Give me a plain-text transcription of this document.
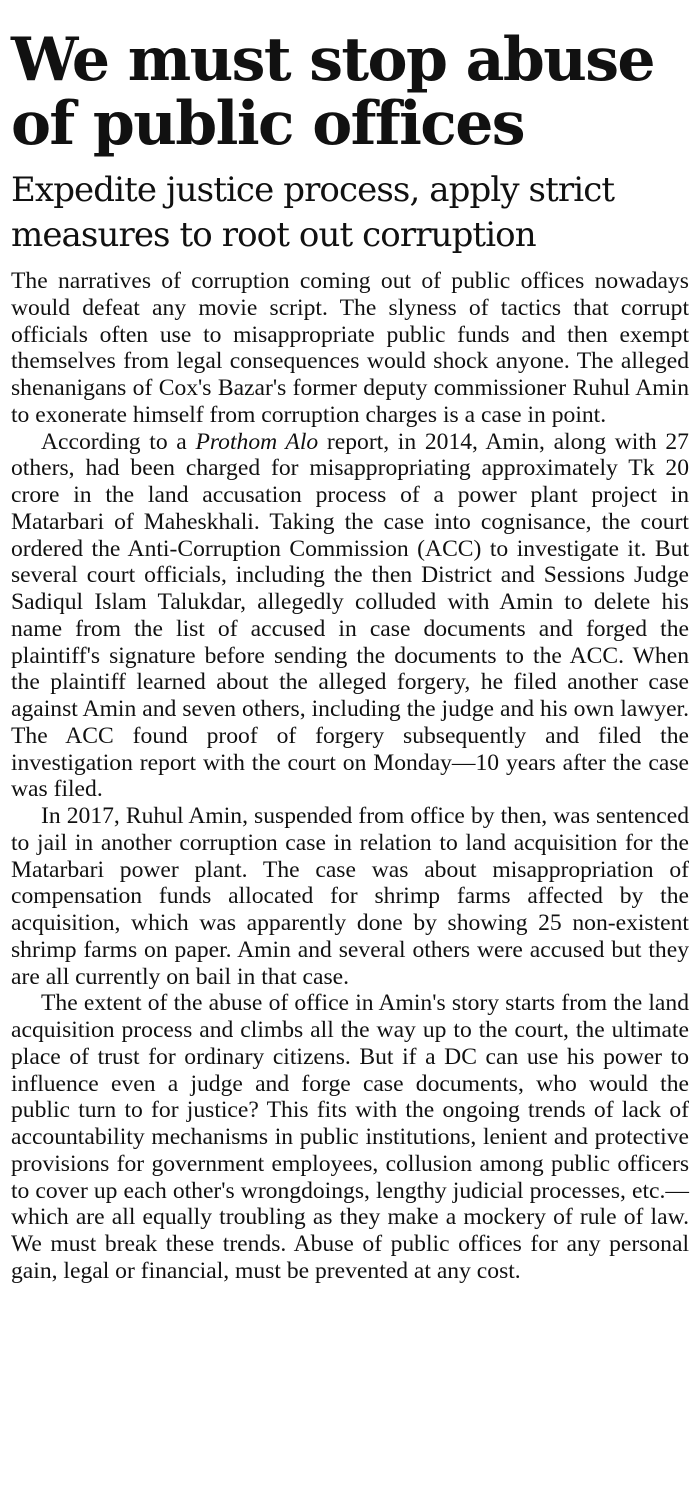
We must stop abuse of public offices
Expedite justice process, apply strict measures to root out corruption

The narratives of corruption coming out of public offices nowadays would defeat any movie script. The slyness of tactics that corrupt officials often use to misappropriate public funds and then exempt themselves from legal consequences would shock anyone. The alleged shenanigans of Cox's Bazar's former deputy commissioner Ruhul Amin to exonerate himself from corruption charges is a case in point.

According to a Prothom Alo report, in 2014, Amin, along with 27 others, had been charged for misappropriating approximately Tk 20 crore in the land accusation process of a power plant project in Matarbari of Maheskhali. Taking the case into cognisance, the court ordered the Anti-Corruption Commission (ACC) to investigate it. But several court officials, including the then District and Sessions Judge Sadiqul Islam Talukdar, allegedly colluded with Amin to delete his name from the list of accused in case documents and forged the plaintiff's signature before sending the documents to the ACC. When the plaintiff learned about the alleged forgery, he filed another case against Amin and seven others, including the judge and his own lawyer. The ACC found proof of forgery subsequently and filed the investigation report with the court on Monday—10 years after the case was filed.

In 2017, Ruhul Amin, suspended from office by then, was sentenced to jail in another corruption case in relation to land acquisition for the Matarbari power plant. The case was about misappropriation of compensation funds allocated for shrimp farms affected by the acquisition, which was apparently done by showing 25 non-existent shrimp farms on paper. Amin and several others were accused but they are all currently on bail in that case.

The extent of the abuse of office in Amin's story starts from the land acquisition process and climbs all the way up to the court, the ultimate place of trust for ordinary citizens. But if a DC can use his power to influence even a judge and forge case documents, who would the public turn to for justice? This fits with the ongoing trends of lack of accountability mechanisms in public institutions, lenient and protective provisions for government employees, collusion among public officers to cover up each other's wrongdoings, lengthy judicial processes, etc.—which are all equally troubling as they make a mockery of rule of law. We must break these trends. Abuse of public offices for any personal gain, legal or financial, must be prevented at any cost.
